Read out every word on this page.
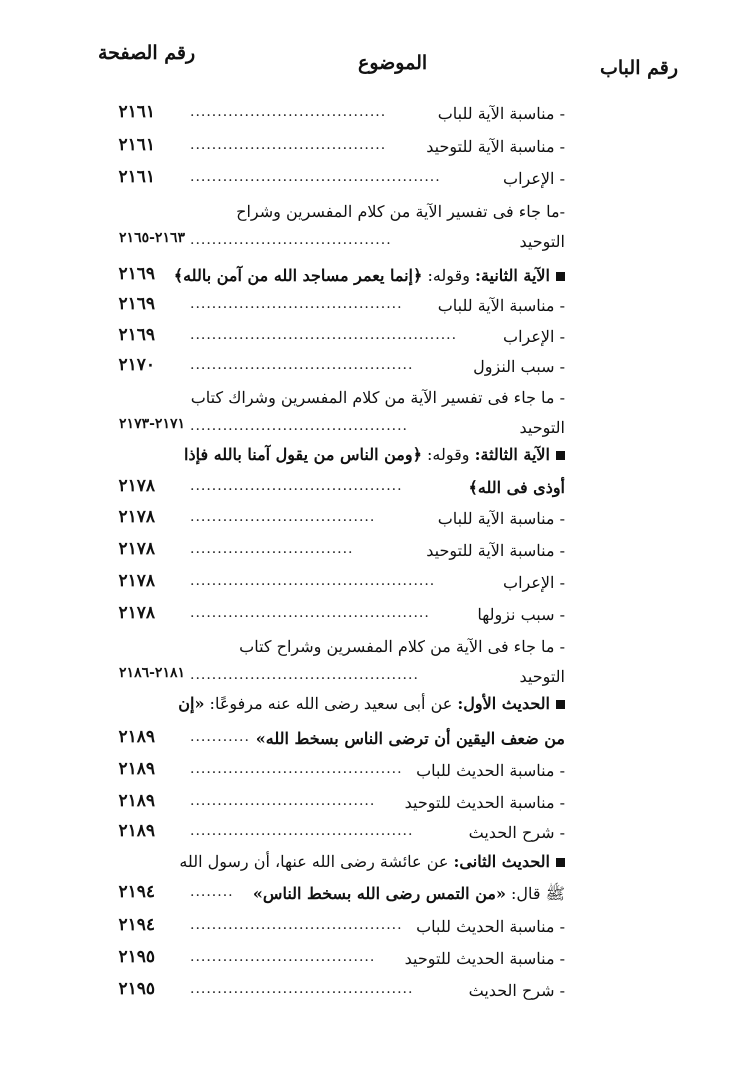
رقم الباب
الموضوع
رقم الصفحة
- مناسبة الآية للباب
....................................
٢١٦١
- مناسبة الآية للتوحيد
....................................
٢١٦١
- الإعراب
..............................................
٢١٦١
-ما جاء فى تفسير الآية من كلام المفسرين وشراح
التوحيد
.....................................
٢١٦٣-٢١٦٥
الآية الثانية: وقوله: ﴿إنما يعمر مساجد الله من آمن بالله﴾
٢١٦٩
- مناسبة الآية للباب
.......................................
٢١٦٩
- الإعراب
.................................................
٢١٦٩
- سبب النزول
.........................................
٢١٧٠
- ما جاء فى تفسير الآية من كلام المفسرين وشراك كتاب
التوحيد
........................................
٢١٧١-٢١٧٣
الآية الثالثة: وقوله: ﴿ومن الناس من يقول آمنا بالله فإذا
أوذى فى الله﴾
.......................................
٢١٧٨
- مناسبة الآية للباب
..................................
٢١٧٨
- مناسبة الآية للتوحيد
..............................
٢١٧٨
- الإعراب
.............................................
٢١٧٨
- سبب نزولها
............................................
٢١٧٨
- ما جاء فى الآية من كلام المفسرين وشراح كتاب
التوحيد
..........................................
٢١٨١-٢١٨٦
الحديث الأول: عن أبى سعيد رضى الله عنه مرفوعًا: «إن
من ضعف اليقين أن ترضى الناس بسخط الله»
...........
٢١٨٩
- مناسبة الحديث للباب
.......................................
٢١٨٩
- مناسبة الحديث للتوحيد
..................................
٢١٨٩
- شرح الحديث
.........................................
٢١٨٩
الحديث الثانى: عن عائشة رضى الله عنها، أن رسول الله
ﷺ قال: «من التمس رضى الله بسخط الناس»
........
٢١٩٤
- مناسبة الحديث للباب
.......................................
٢١٩٤
- مناسبة الحديث للتوحيد
..................................
٢١٩٥
- شرح الحديث
.........................................
٢١٩٥
